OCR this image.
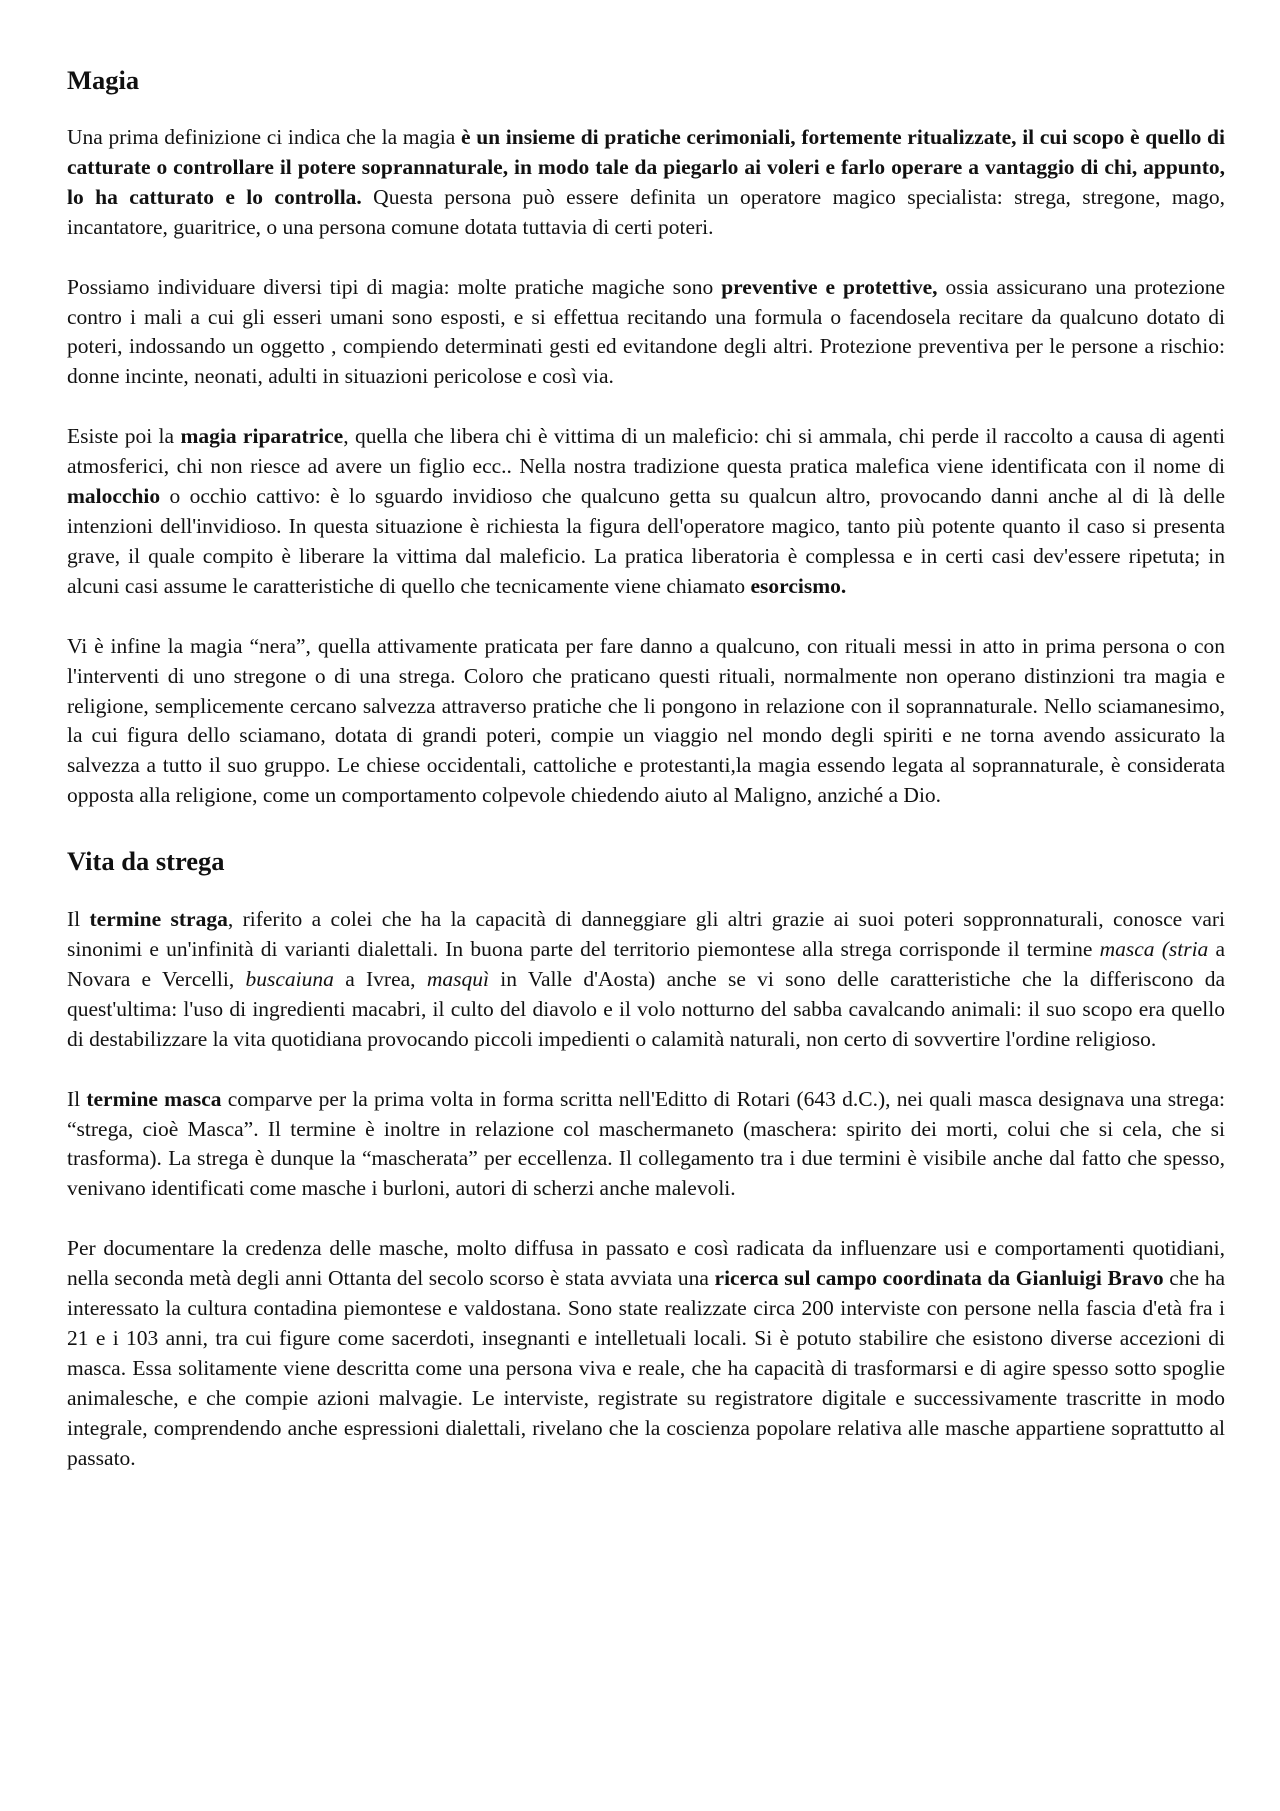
Magia

Una prima definizione ci indica che la magia è un insieme di pratiche cerimoniali, fortemente ritualizzate, il cui scopo è quello di catturate o controllare il potere soprannaturale, in modo tale da piegarlo ai voleri e farlo operare a vantaggio di chi, appunto, lo ha catturato e lo controlla. Questa persona può essere definita un operatore magico specialista: strega, stregone, mago, incantatore, guaritrice, o una persona comune dotata tuttavia di certi poteri.

Possiamo individuare diversi tipi di magia: molte pratiche magiche sono preventive e protettive, ossia assicurano una protezione contro i mali a cui gli esseri umani sono esposti, e si effettua recitando una formula o facendosela recitare da qualcuno dotato di poteri, indossando un oggetto , compiendo determinati gesti ed evitandone degli altri. Protezione preventiva per le persone a rischio: donne incinte, neonati, adulti in situazioni pericolose e così via.

Esiste poi la magia riparatrice, quella che libera chi è vittima di un maleficio: chi si ammala, chi perde il raccolto a causa di agenti atmosferici, chi non riesce ad avere un figlio ecc.. Nella nostra tradizione questa pratica malefica viene identificata con il nome di malocchio o occhio cattivo: è lo sguardo invidioso che qualcuno getta su qualcun altro, provocando danni anche al di là delle intenzioni dell'invidioso. In questa situazione è richiesta la figura dell'operatore magico, tanto più potente quanto il caso si presenta grave, il quale compito è liberare la vittima dal maleficio. La pratica liberatoria è complessa e in certi casi dev'essere ripetuta; in alcuni casi assume le caratteristiche di quello che tecnicamente viene chiamato esorcismo.

Vi è infine la magia “nera”, quella attivamente praticata per fare danno a qualcuno, con rituali messi in atto in prima persona o con l'interventi di uno stregone o di una strega. Coloro che praticano questi rituali, normalmente non operano distinzioni tra magia e religione, semplicemente cercano salvezza attraverso pratiche che li pongono in relazione con il soprannaturale. Nello sciamanesimo, la cui figura dello sciamano, dotata di grandi poteri, compie un viaggio nel mondo degli spiriti e ne torna avendo assicurato la salvezza a tutto il suo gruppo. Le chiese occidentali, cattoliche e protestanti,la magia essendo legata al soprannaturale, è considerata opposta alla religione, come un comportamento colpevole chiedendo aiuto al Maligno, anziché a Dio.

Vita da strega

Il termine straga, riferito a colei che ha la capacità di danneggiare gli altri grazie ai suoi poteri soppronnaturali, conosce vari sinonimi e un'infinità di varianti dialettali. In buona parte del territorio piemontese alla strega corrisponde il termine masca (stria a Novara e Vercelli, buscaiuna a Ivrea, masquì in Valle d'Aosta) anche se vi sono delle caratteristiche che la differiscono da quest'ultima: l'uso di ingredienti macabri, il culto del diavolo e il volo notturno del sabba cavalcando animali: il suo scopo era quello di destabilizzare la vita quotidiana provocando piccoli impedienti o calamità naturali, non certo di sovvertire l'ordine religioso.

Il termine masca comparve per la prima volta in forma scritta nell'Editto di Rotari (643 d.C.), nei quali masca designava una strega: “strega, cioè Masca”. Il termine è inoltre in relazione col maschermaneto (maschera: spirito dei morti, colui che si cela, che si trasforma). La strega è dunque la “mascherata” per eccellenza. Il collegamento tra i due termini è visibile anche dal fatto che spesso, venivano identificati come masche i burloni, autori di scherzi anche malevoli.

Per documentare la credenza delle masche, molto diffusa in passato e così radicata da influenzare usi e comportamenti quotidiani, nella seconda metà degli anni Ottanta del secolo scorso è stata avviata una ricerca sul campo coordinata da Gianluigi Bravo che ha interessato la cultura contadina piemontese e valdostana. Sono state realizzate circa 200 interviste con persone nella fascia d'età fra i 21 e i 103 anni, tra cui figure come sacerdoti, insegnanti e intelletuali locali. Si è potuto stabilire che esistono diverse accezioni di masca. Essa solitamente viene descritta come una persona viva e reale, che ha capacità di trasformarsi e di agire spesso sotto spoglie animalesche, e che compie azioni malvagie. Le interviste, registrate su registratore digitale e successivamente trascritte in modo integrale, comprendendo anche espressioni dialettali, rivelano che la coscienza popolare relativa alle masche appartiene soprattutto al passato.
